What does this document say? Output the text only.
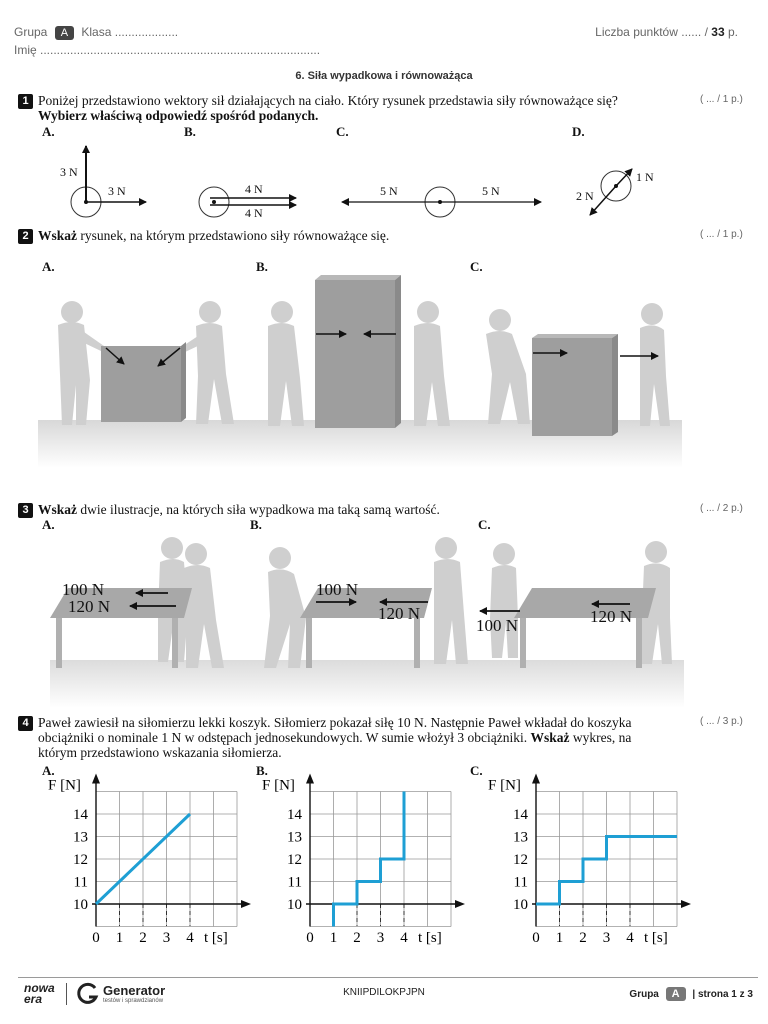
Grupa A Klasa ...................	Liczba punktów ...... / 33 p.
Imię ....................................................................................
6. Siła wypadkowa i równoważąca
1 Poniżej przedstawiono wektory sił działających na ciało. Który rysunek przedstawia siły równoważące się?
Wybierz właściwą odpowiedź spośród podanych.
( ... / 1 p.)
A.	B.	C.	D.
3 N
3 N	4 N
4 N
5 N	5 N
1 N
2 N
2 Wskaż rysunek, na którym przedstawiono siły równoważące się.	( ... / 1 p.)
A.	B.	C.
3 Wskaż dwie ilustracje, na których siła wypadkowa ma taką samą wartość.	( ... / 2 p.)
A.	B.	C.
100 N
120 N
100 N
120 N
100 N	120 N
4 Paweł zawiesił na siłomierzu lekki koszyk. Siłomierz pokazał siłę 10 N. Następnie Paweł wkładał do koszyka
obciążniki o nominale 1 N w odstępach jednosekundowych. W sumie włożył 3 obciążniki. Wskaż wykres, na
którym przedstawiono wskazania siłomierza.
( ... / 3 p.)
A.	B.	C.
10
11
12
13
14
0 1 2 3 4
F [N]
t [s]
10
11
12
13
14
0 1 2 3 4
F [N]
t [s]
10
11
12
13
14
0 1 2 3 4
F [N]
t [s]
nowa
era
Generator
testów i sprawdzianów
KNIIPDILOKPJPN	Grupa A | strona 1 z 3
